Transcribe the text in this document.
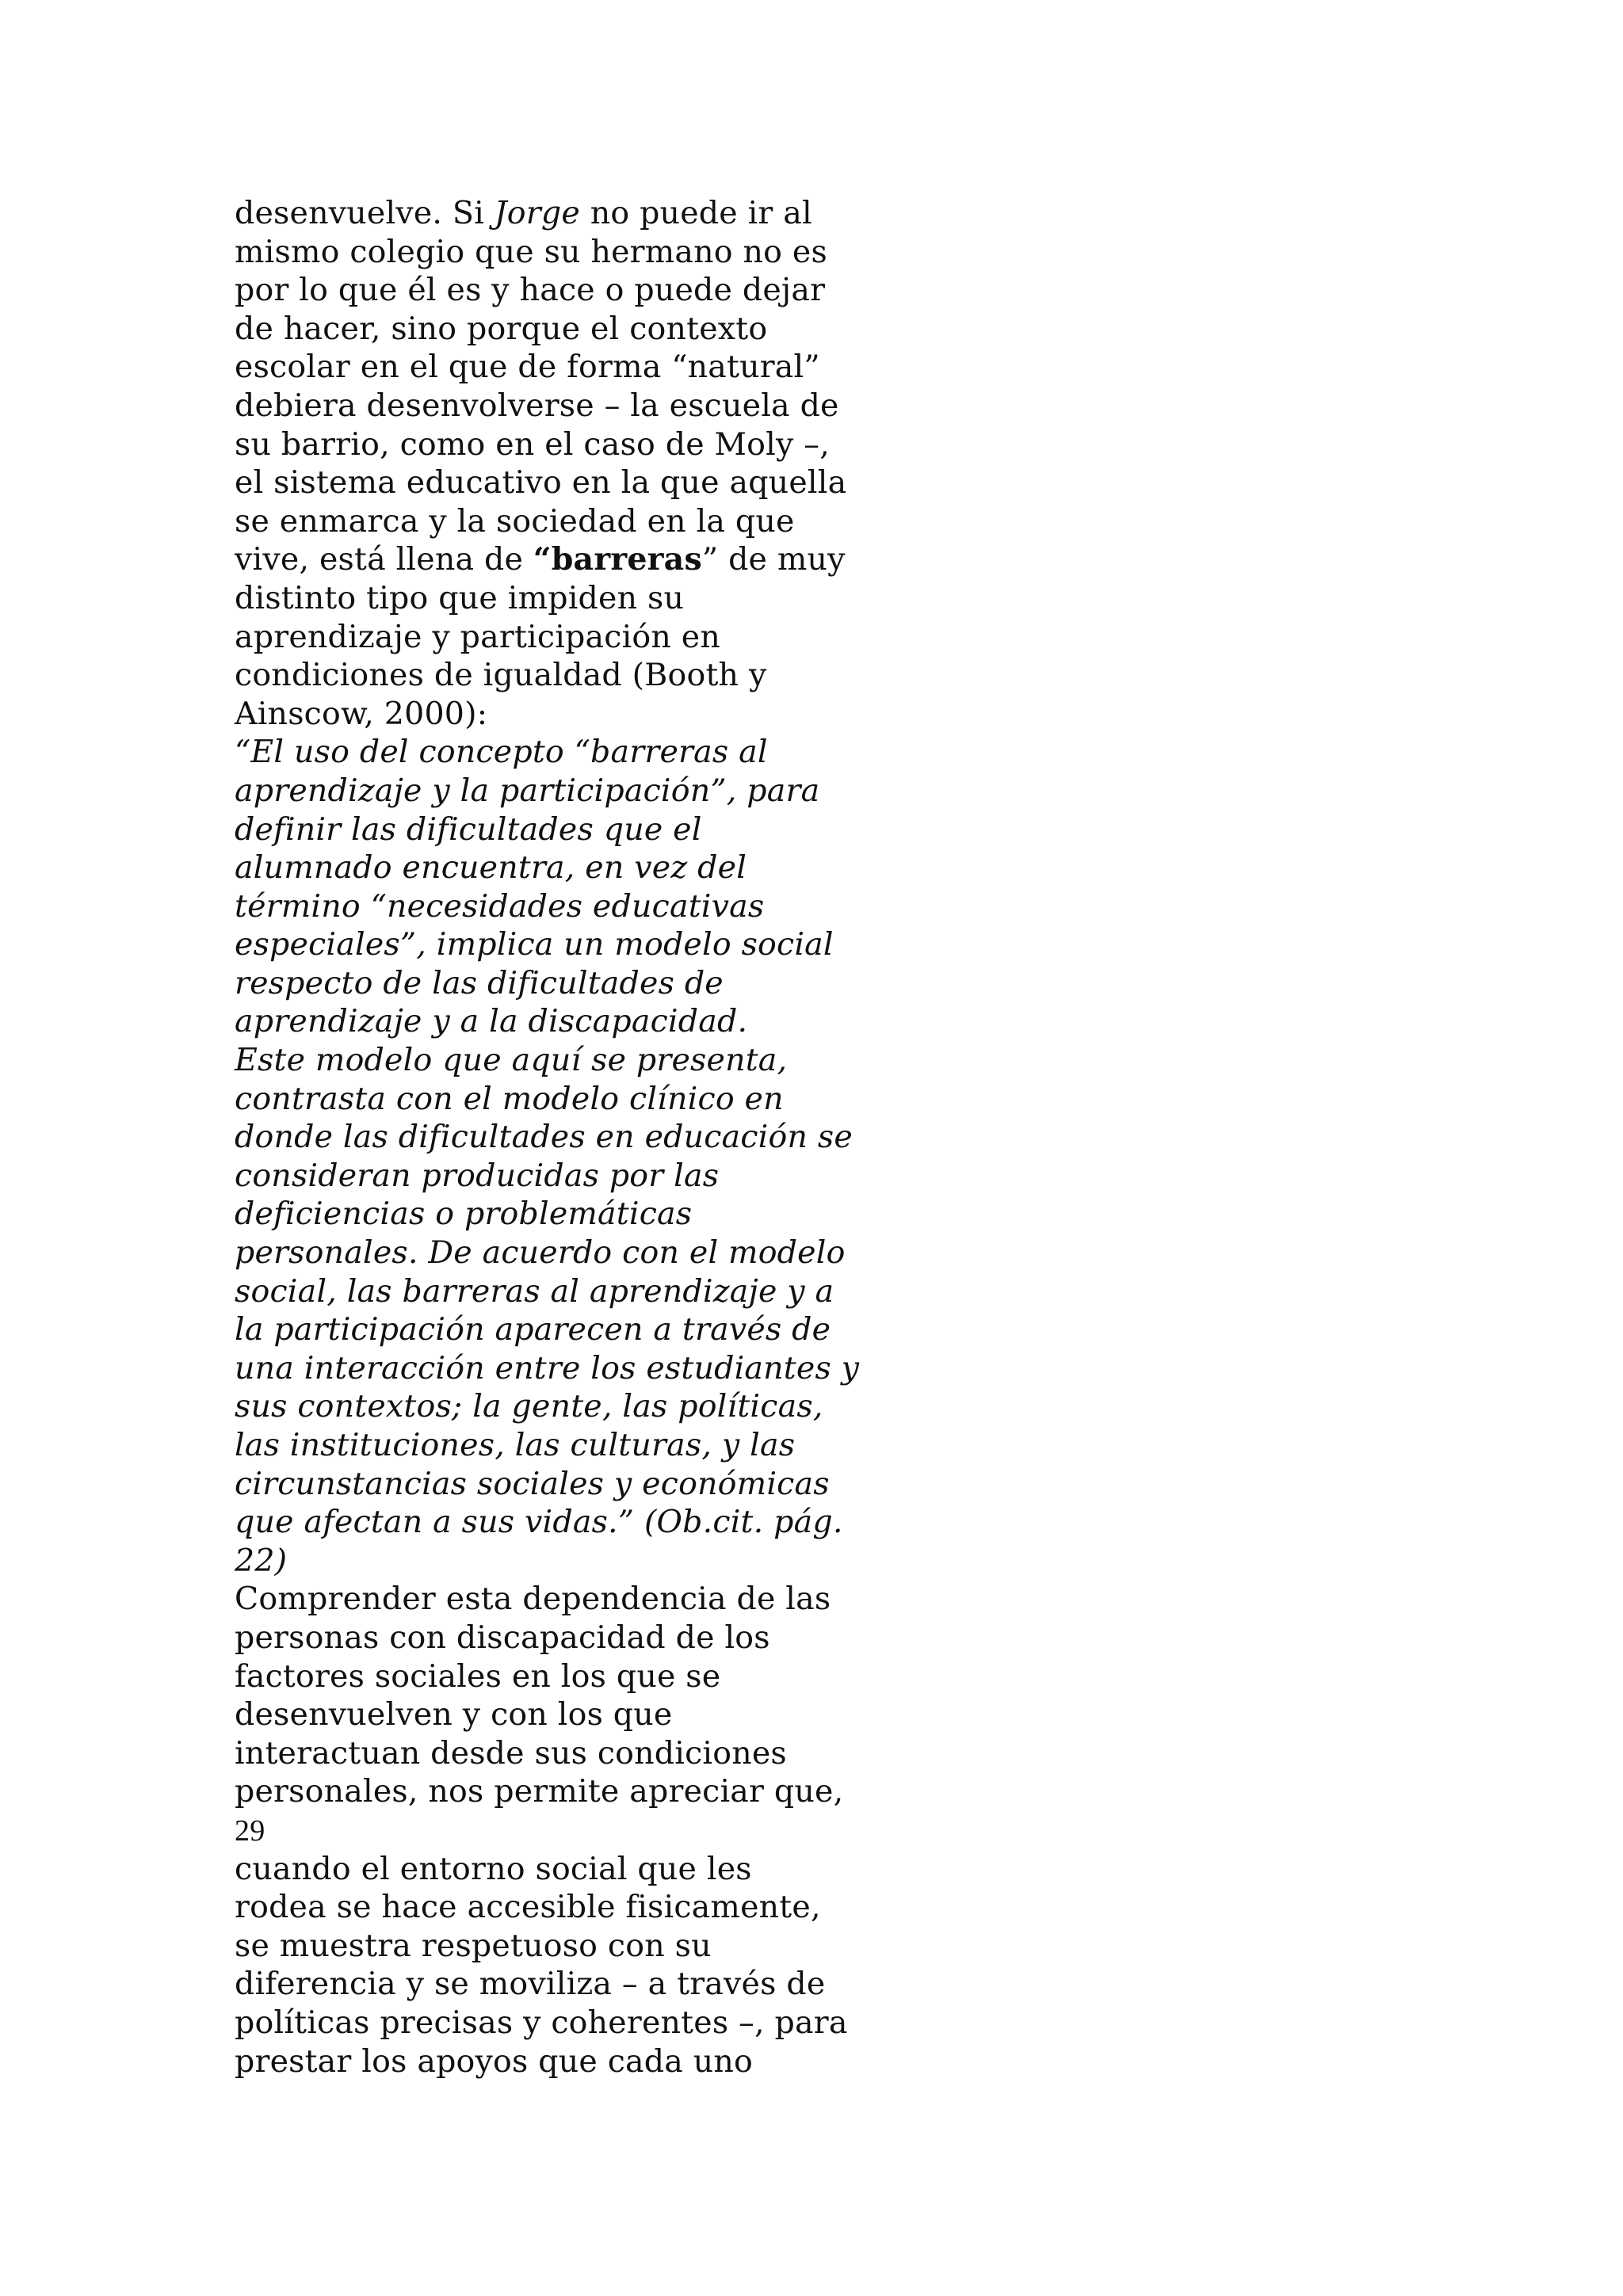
desenvuelve. Si Jorge no puede ir al
mismo colegio que su hermano no es
por lo que él es y hace o puede dejar
de hacer, sino porque el contexto
escolar en el que de forma “natural”
debiera desenvolverse – la escuela de
su barrio, como en el caso de Moly –,
el sistema educativo en la que aquella
se enmarca y la sociedad en la que
vive, está llena de “barreras” de muy
distinto tipo que impiden su
aprendizaje y participación en
condiciones de igualdad (Booth y
Ainscow, 2000):
“El uso del concepto “barreras al
aprendizaje y la participación”, para
definir las dificultades que el
alumnado encuentra, en vez del
término “necesidades educativas
especiales”, implica un modelo social
respecto de las dificultades de
aprendizaje y a la discapacidad.
Este modelo que aquí se presenta,
contrasta con el modelo clínico en
donde las dificultades en educación se
consideran producidas por las
deficiencias o problemáticas
personales. De acuerdo con el modelo
social, las barreras al aprendizaje y a
la participación aparecen a través de
una interacción entre los estudiantes y
sus contextos; la gente, las políticas,
las instituciones, las culturas, y las
circunstancias sociales y económicas
que afectan a sus vidas.” (Ob.cit. pág.
22)
Comprender esta dependencia de las
personas con discapacidad de los
factores sociales en los que se
desenvuelven y con los que
interactuan desde sus condiciones
personales, nos permite apreciar que,
29
cuando el entorno social que les
rodea se hace accesible fisicamente,
se muestra respetuoso con su
diferencia y se moviliza – a través de
políticas precisas y coherentes –, para
prestar los apoyos que cada uno
